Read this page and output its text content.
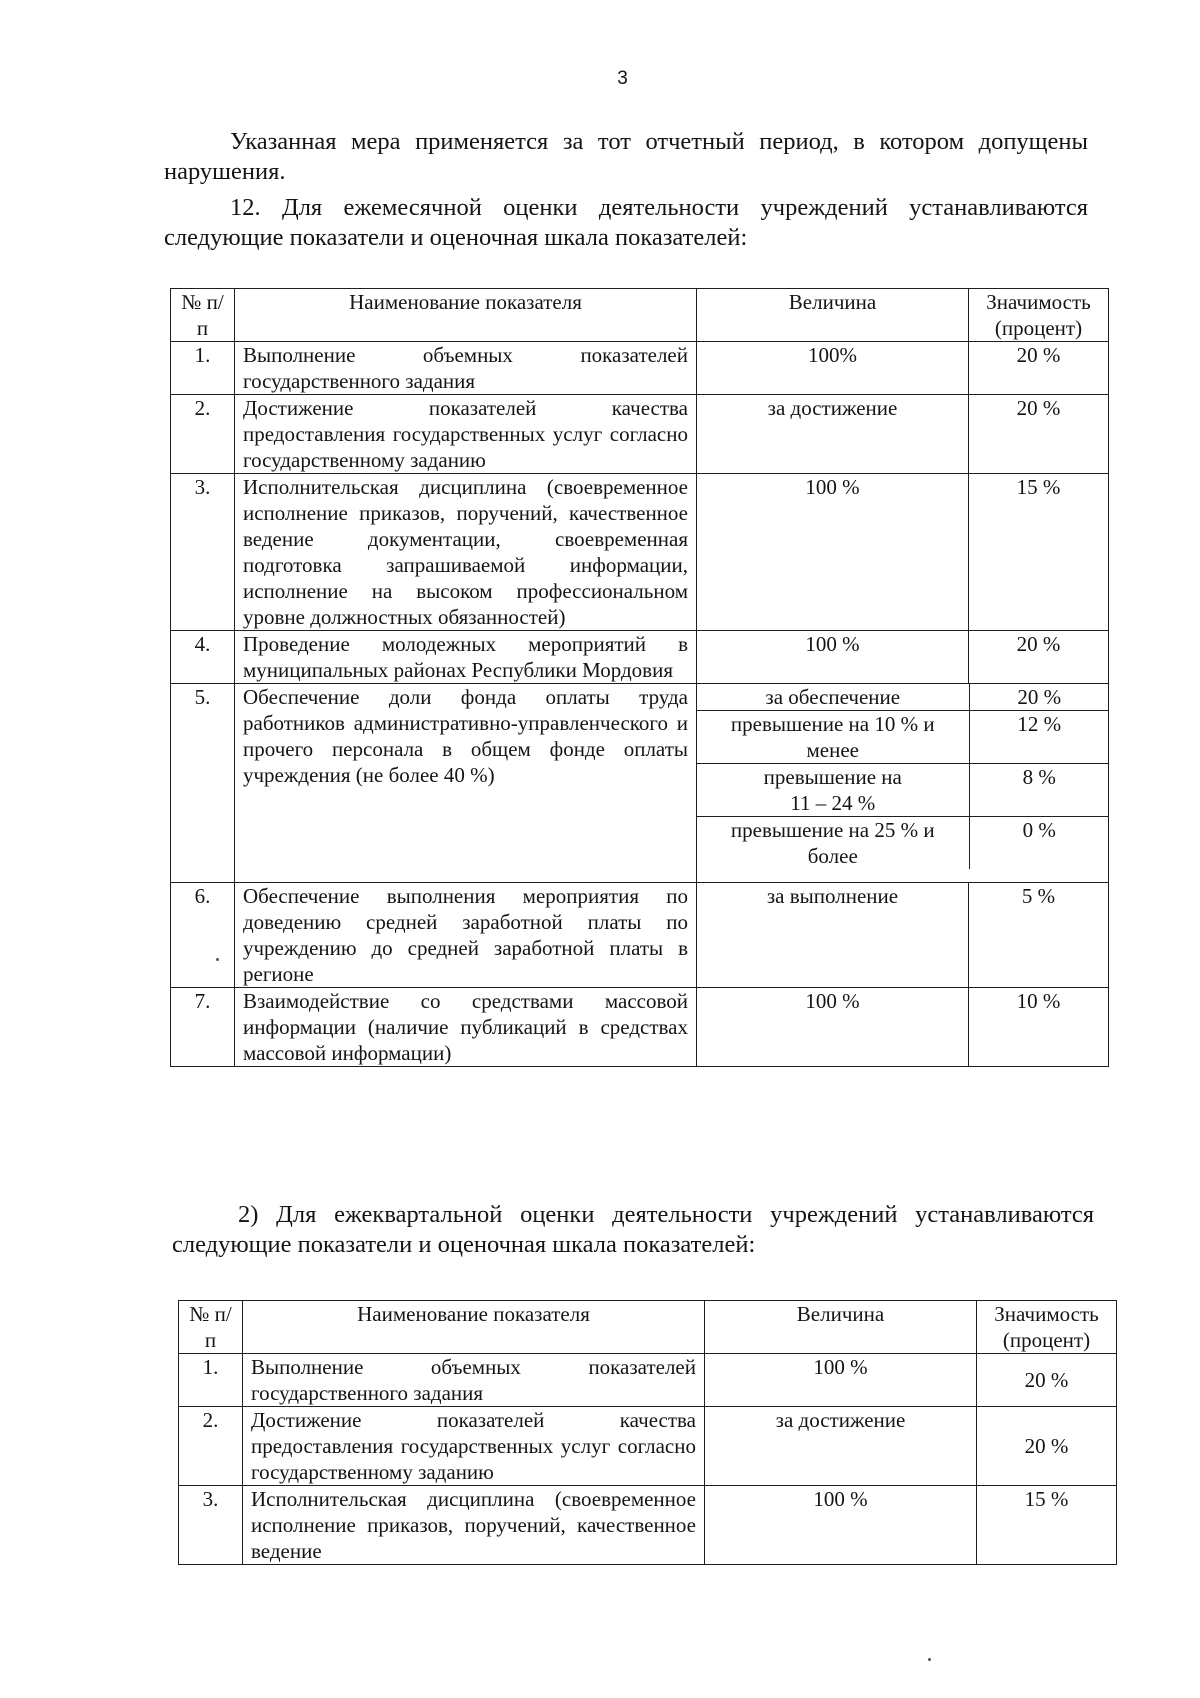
3
Указанная мера применяется за тот отчетный период, в котором допущены нарушения.
12. Для ежемесячной оценки деятельности учреждений устанавливаются следующие показатели и оценочная шкала показателей:
№ п/п	Наименование показателя	Величина	Значимость (процент)
1.	Выполнение объемных показателей государственного задания	100%	20 %
2.	Достижение показателей качества предоставления государственных услуг согласно государственному заданию	за достижение	20 %
3.	Исполнительская дисциплина (своевременное исполнение приказов, поручений, качественное ведение документации, своевременная подготовка запрашиваемой информации, исполнение на высоком профессиональном уровне должностных обязанностей)	100 %	15 %
4.	Проведение молодежных мероприятий в муниципальных районах Республики Мордовия	100 %	20 %
5.	Обеспечение доли фонда оплаты труда работников административно-управленческого и прочего персонала в общем фонде оплаты учреждения (не более 40 %)	
за обеспечение	20 %
превышение на 10 % и менее	12 %
превышение на 11 – 24 %	8 %
превышение на 25 % и более	0 %

6.	Обеспечение выполнения мероприятия по доведению средней заработной платы по учреждению до средней заработной платы в регионе	за выполнение	5 %
7.	Взаимодействие со средствами массовой информации (наличие публикаций в средствах массовой информации)	100 %	10 %
2) Для ежеквартальной оценки деятельности учреждений устанавливаются следующие показатели и оценочная шкала показателей:
№ п/п	Наименование показателя	Величина	Значимость (процент)
1.	Выполнение объемных показателей государственного задания	100 %	20 %
2.	Достижение показателей качества предоставления государственных услуг согласно государственному заданию	за достижение	20 %
3.	Исполнительская дисциплина (своевременное исполнение приказов, поручений, качественное ведение	100 %	15 %
